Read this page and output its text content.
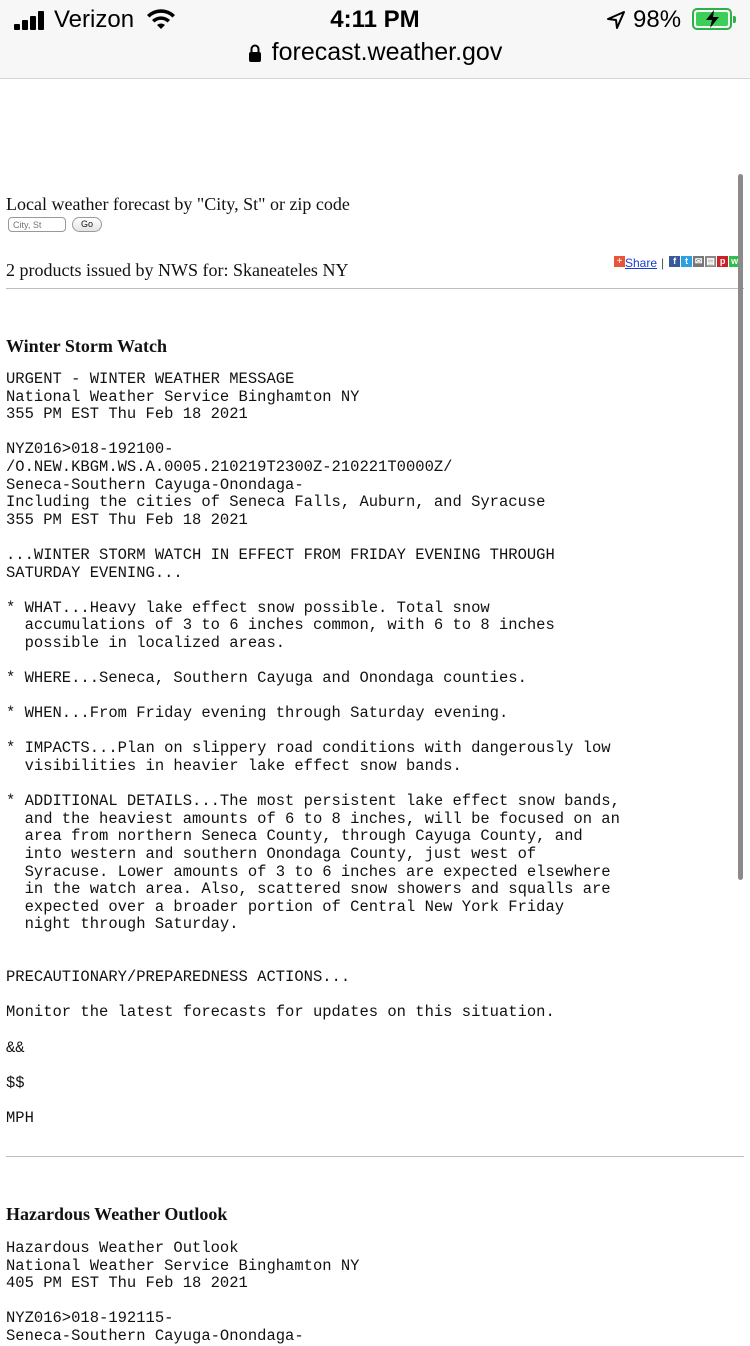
Verizon	4:11 PM	98%
forecast.weather.gov
Local weather forecast by "City, St" or zip code
City, St
Go
2 products issued by NWS for: Skaneateles NY	+ Share | f t ✉ ▤ p w
Winter Storm Watch
URGENT - WINTER WEATHER MESSAGE
National Weather Service Binghamton NY
355 PM EST Thu Feb 18 2021

NYZ016>018-192100-
/O.NEW.KBGM.WS.A.0005.210219T2300Z-210221T0000Z/
Seneca-Southern Cayuga-Onondaga-
Including the cities of Seneca Falls, Auburn, and Syracuse
355 PM EST Thu Feb 18 2021

...WINTER STORM WATCH IN EFFECT FROM FRIDAY EVENING THROUGH
SATURDAY EVENING...

* WHAT...Heavy lake effect snow possible. Total snow
accumulations of 3 to 6 inches common, with 6 to 8 inches
possible in localized areas.

* WHERE...Seneca, Southern Cayuga and Onondaga counties.

* WHEN...From Friday evening through Saturday evening.

* IMPACTS...Plan on slippery road conditions with dangerously low
visibilities in heavier lake effect snow bands.

* ADDITIONAL DETAILS...The most persistent lake effect snow bands,
and the heaviest amounts of 6 to 8 inches, will be focused on an
area from northern Seneca County, through Cayuga County, and
into western and southern Onondaga County, just west of
Syracuse. Lower amounts of 3 to 6 inches are expected elsewhere
in the watch area. Also, scattered snow showers and squalls are
expected over a broader portion of Central New York Friday
night through Saturday.

PRECAUTIONARY/PREPAREDNESS ACTIONS...

Monitor the latest forecasts for updates on this situation.

&&

$$

MPH
Hazardous Weather Outlook
Hazardous Weather Outlook
National Weather Service Binghamton NY
405 PM EST Thu Feb 18 2021

NYZ016>018-192115-
Seneca-Southern Cayuga-Onondaga-
